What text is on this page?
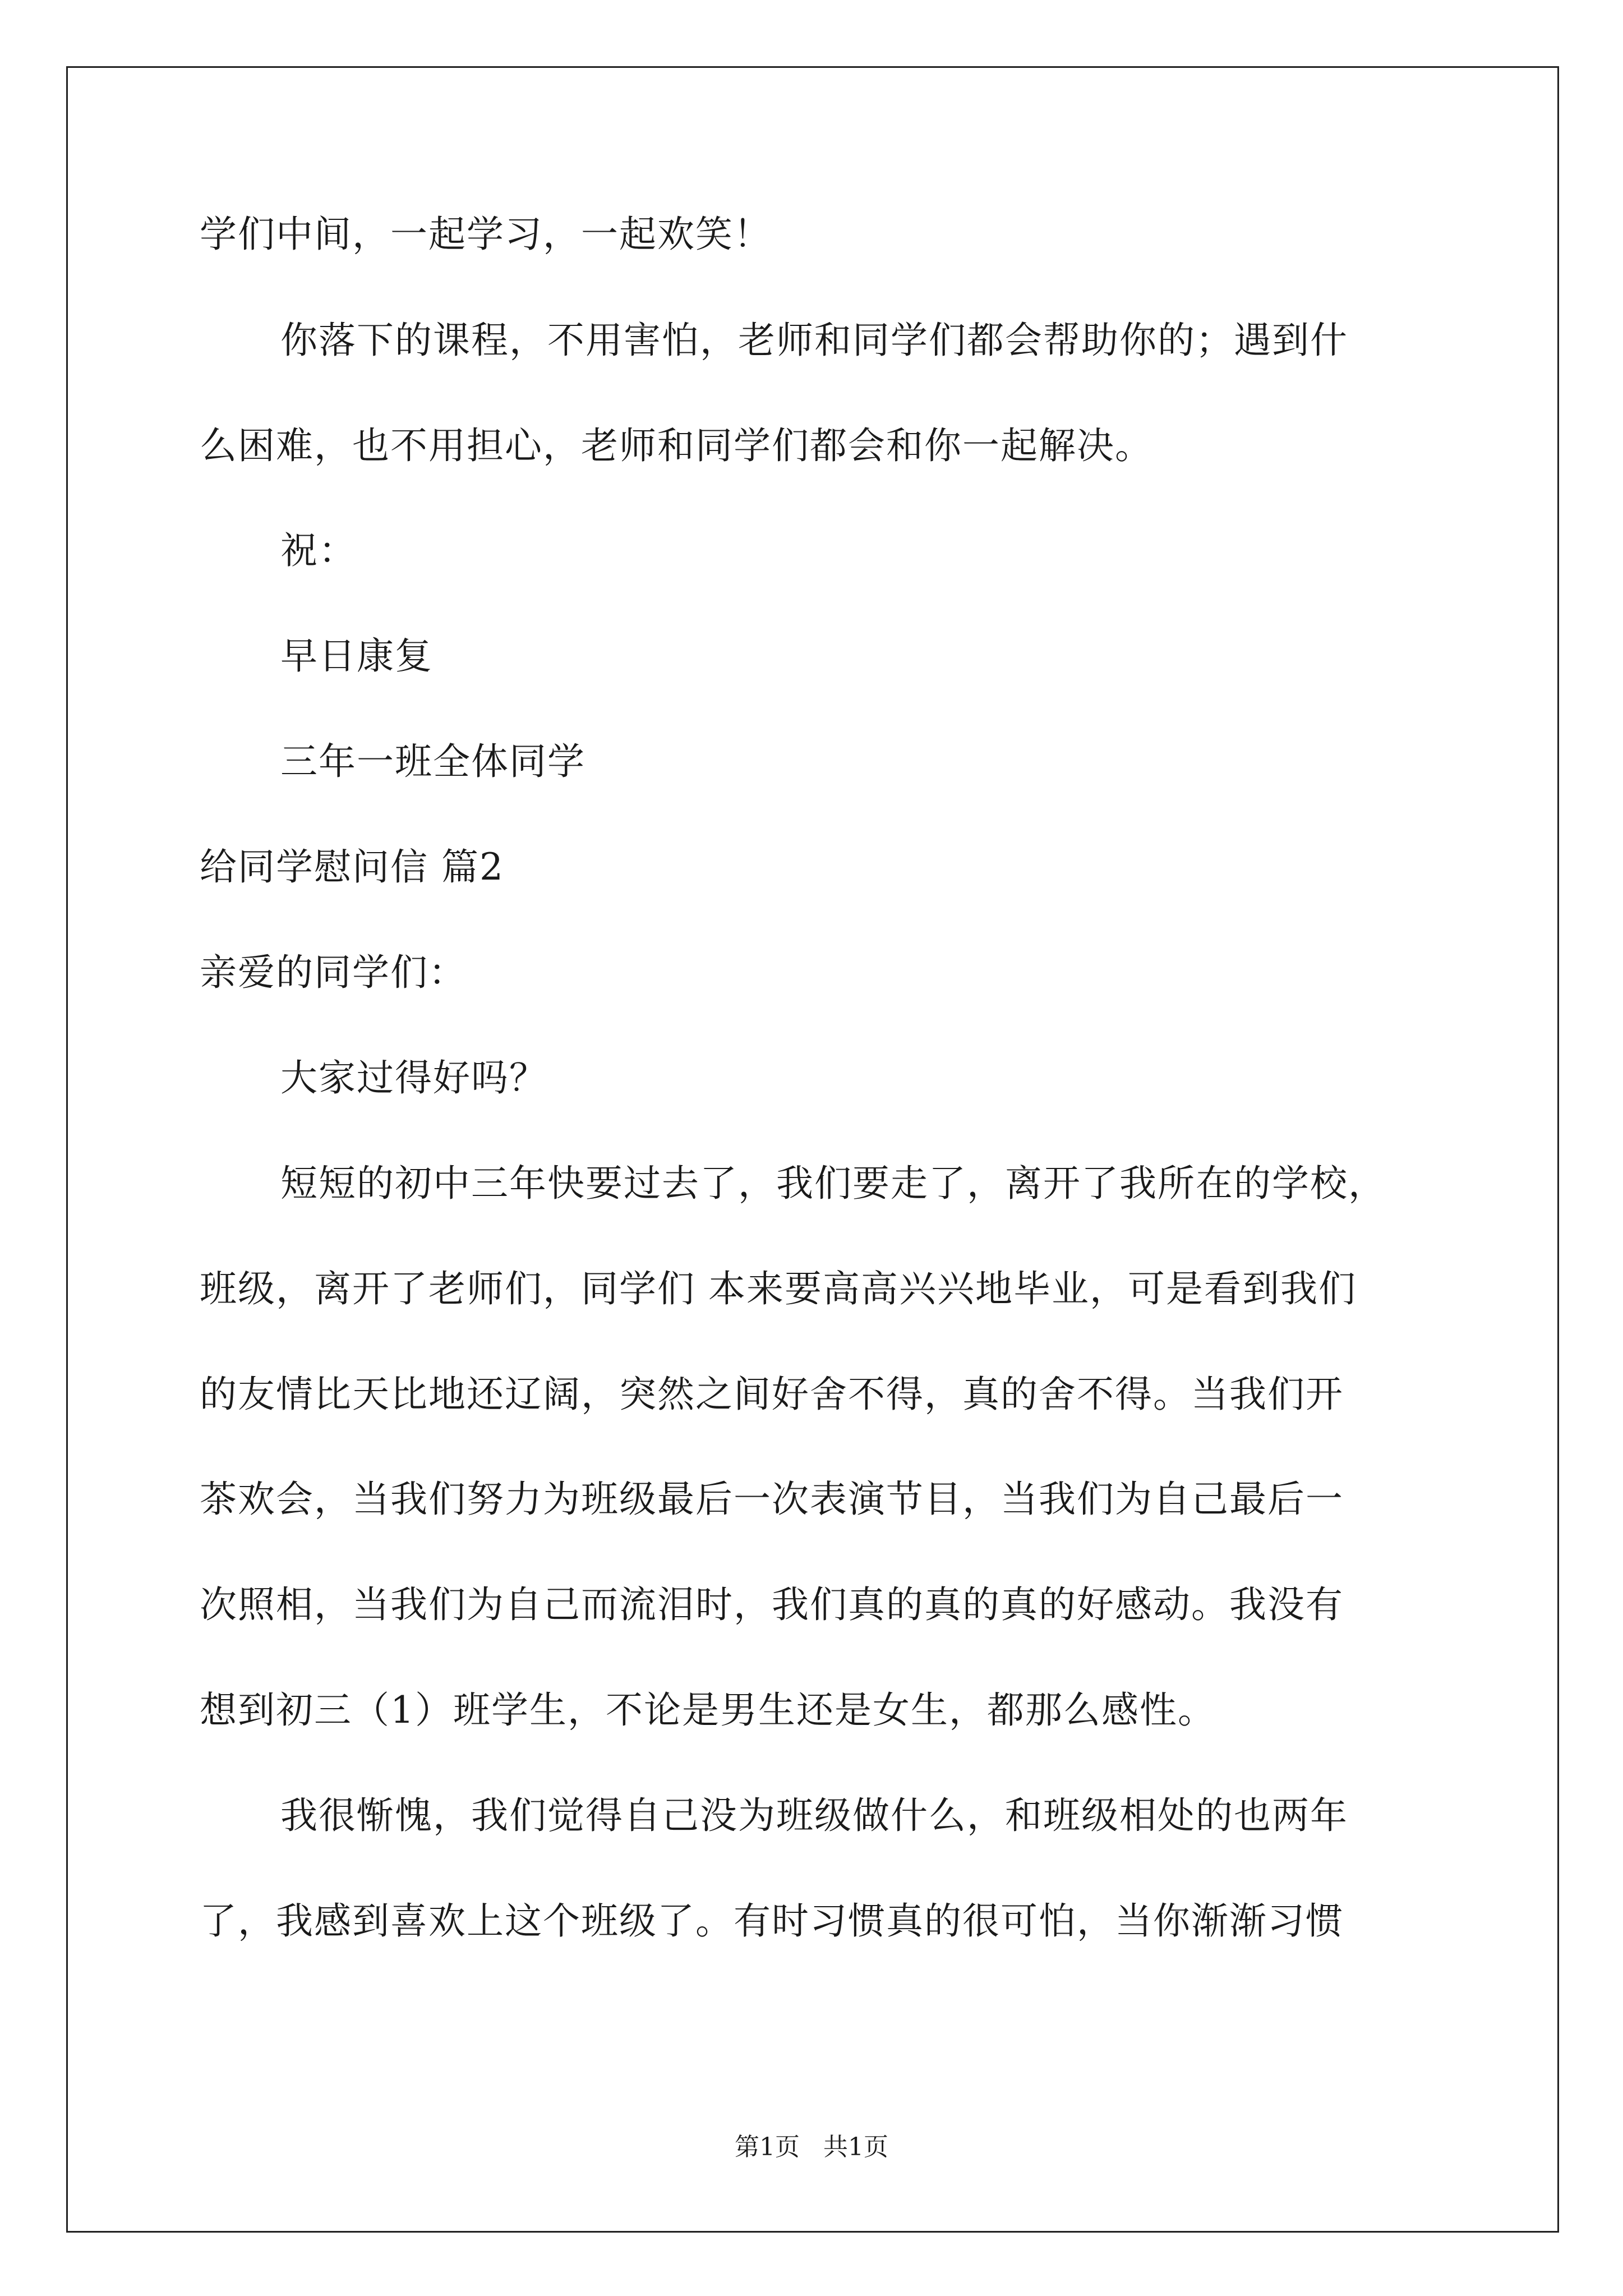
学们中间，一起学习，一起欢笑！
你落下的课程，不用害怕，老师和同学们都会帮助你的；遇到什
么困难，也不用担心，老师和同学们都会和你一起解决。
祝：
早日康复
三年一班全体同学
给同学慰问信 篇2
亲爱的同学们：
大家过得好吗？
短短的初中三年快要过去了，我们要走了，离开了我所在的学校，
班级，离开了老师们，同学们 本来要高高兴兴地毕业，可是看到我们
的友情比天比地还辽阔，突然之间好舍不得，真的舍不得。当我们开
茶欢会，当我们努力为班级最后一次表演节目，当我们为自己最后一
次照相，当我们为自己而流泪时，我们真的真的真的好感动。我没有
想到初三（1）班学生，不论是男生还是女生，都那么感性。
我很惭愧，我们觉得自己没为班级做什么，和班级相处的也两年
了，我感到喜欢上这个班级了。有时习惯真的很可怕，当你渐渐习惯
第1页   共1页
